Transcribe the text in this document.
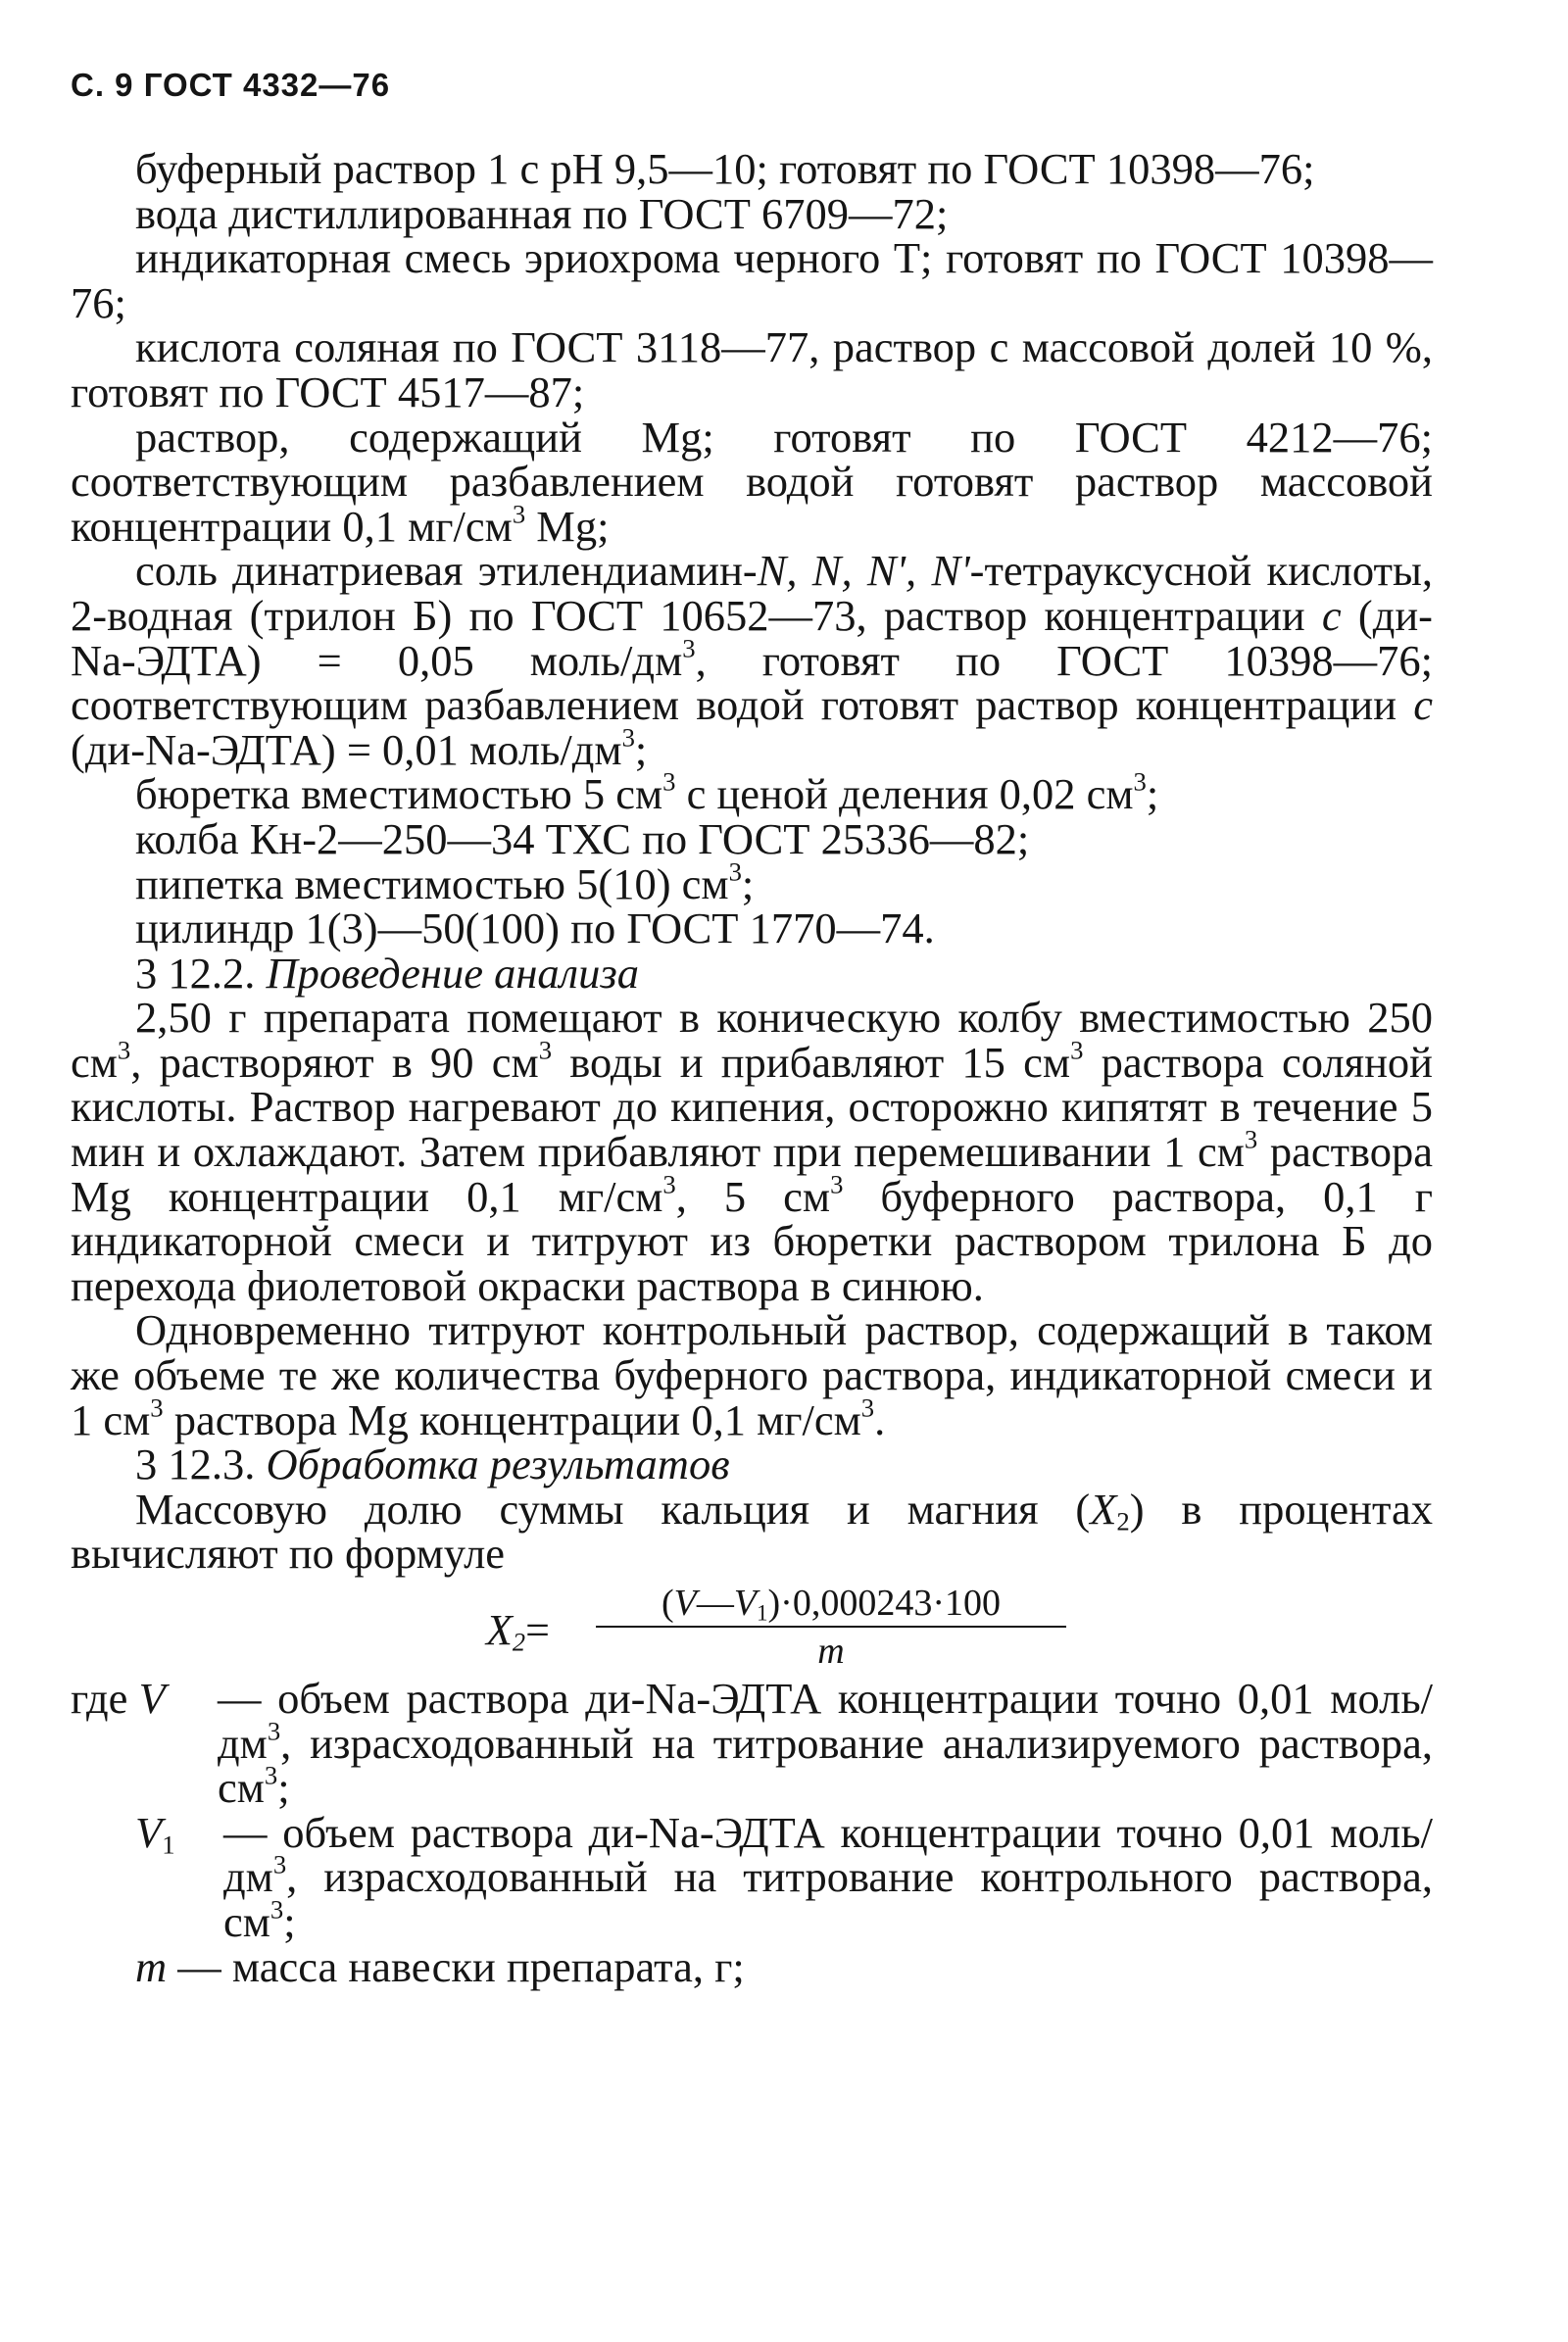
С. 9 ГОСТ 4332—76

буферный раствор 1 с pH 9,5—10; готовят по ГОСТ 10398—76;

вода дистиллированная по ГОСТ 6709—72;

индикаторная смесь эриохрома черного Т; готовят по ГОСТ 10398—76;

кислота соляная по ГОСТ 3118—77, раствор с массовой долей 10 %, готовят по ГОСТ 4517—87;

раствор, содержащий Mg; готовят по ГОСТ 4212—76; соответствующим разбавлением водой готовят раствор массовой концентрации 0,1 $мг/см^3$ Mg;

соль динатриевая этилендиамин-N, N, N', N'-тетрауксусной кислоты, 2-водная (трилон Б) по ГОСТ 10652—73, раствор концентрации c (ди-Na-ЭДТА) = 0,05 моль/$дм^3$, готовят по ГОСТ 10398—76; соответствующим разбавлением водой готовят раствор концентрации c (ди-Na-ЭДТА) = 0,01 моль/$дм^3$;

бюретка вместимостью 5 $см^3$ с ценой деления 0,02 $см^3$;

колба Кн-2—250—34 ТХС по ГОСТ 25336—82;

пипетка вместимостью 5(10) $см^3$;

цилиндр 1(3)—50(100) по ГОСТ 1770—74.

3 12.2. Проведение анализа

2,50 г препарата помещают в коническую колбу вместимостью 250 $см^3$, растворяют в 90 $см^3$ воды и прибавляют 15 $см^3$ раствора соляной кислоты. Раствор нагревают до кипения, осторожно кипятят в течение 5 мин и охлаждают. Затем прибавляют при перемешивании 1 $см^3$ раствора Mg концентрации 0,1 $мг/см^3$, 5 $см^3$ буферного раствора, 0,1 г индикаторной смеси и титруют из бюретки раствором трилона Б до перехода фиолетовой окраски раствора в синюю.

Одновременно титруют контрольный раствор, содержащий в таком же объеме те же количества буферного раствора, индикаторной смеси и 1 $см^3$ раствора Mg концентрации 0,1 $мг/см^3$.

3 12.3. Обработка результатов

Массовую долю суммы кальция и магния $(X_2)$ в процентах вычисляют по формуле

$X_2=$
$(V—V_1)\cdot 0,000243\cdot 100$
m
где V	— объем раствора ди-Na-ЭДТА концентрации точно 0,01 моль/$дм^3$, израсходованный на титрование анализируемого раствора, $см^3$;

$V_1$	— объем раствора ди-Na-ЭДТА концентрации точно 0,01 моль/$дм^3$, израсходованный на титрование контрольного раствора, $см^3$;

m — масса навески препарата, г;
